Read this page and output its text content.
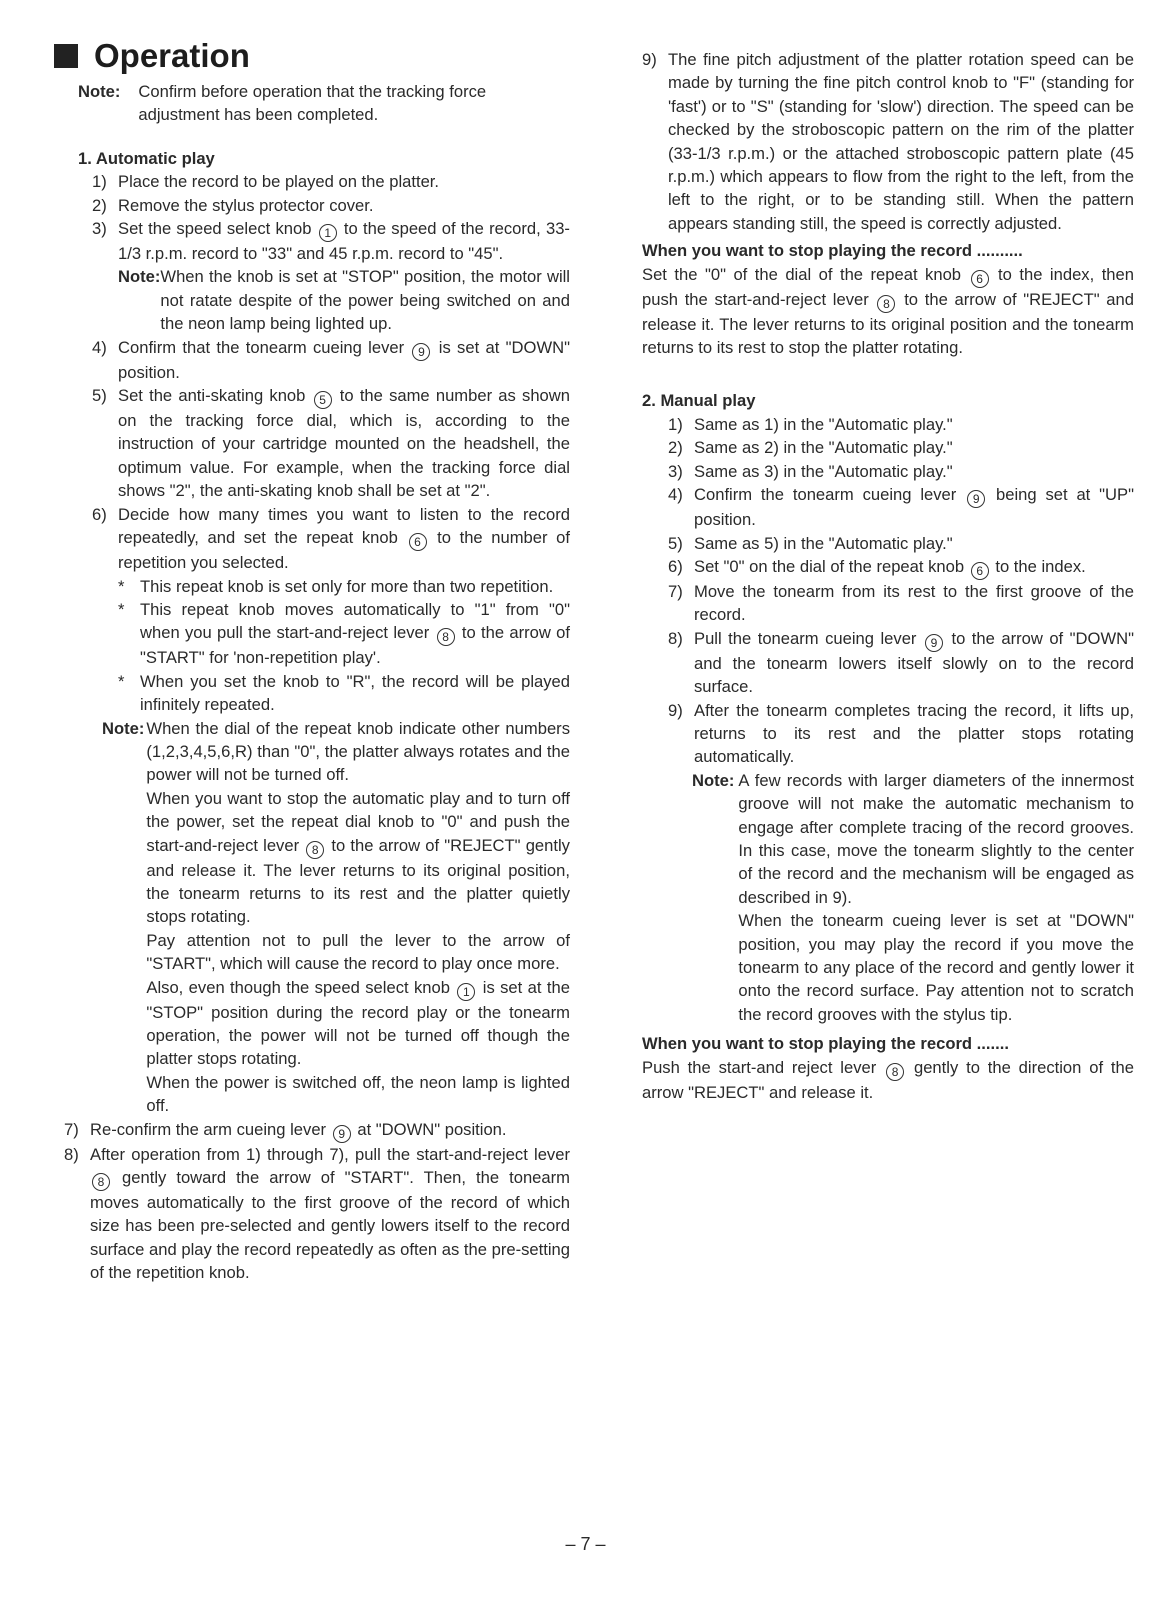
Operation
Note: Confirm before operation that the tracking force adjustment has been completed.
1. Automatic play
1) Place the record to be played on the platter.

2) Remove the stylus protector cover.

3) Set the speed select knob 1 to the speed of the record, 33-1/3 r.p.m. record to "33" and 45 r.p.m. record to "45".

Note: When the knob is set at "STOP" position, the motor will not ratate despite of the power being switched on and the neon lamp being lighted up.

4) Confirm that the tonearm cueing lever 9 is set at "DOWN" position.

5) Set the anti-skating knob 5 to the same number as shown on the tracking force dial, which is, according to the instruction of your cartridge mounted on the headshell, the optimum value. For example, when the tracking force dial shows "2", the anti-skating knob shall be set at "2".

6) Decide how many times you want to listen to the record repeatedly, and set the repeat knob 6 to the number of repetition you selected.

* This repeat knob is set only for more than two repetition.

* This repeat knob moves automatically to "1" from "0" when you pull the start-and-reject lever 8 to the arrow of "START" for 'non-repetition play'.

* When you set the knob to "R", the record will be played infinitely repeated.

Note: When the dial of the repeat knob indicate other numbers (1,2,3,4,5,6,R) than "0", the platter always rotates and the power will not be turned off.

When you want to stop the automatic play and to turn off the power, set the repeat dial knob to "0" and push the start-and-reject lever 8 to the arrow of "REJECT" gently and release it. The lever returns to its original position, the tonearm returns to its rest and the platter quietly stops rotating.

Pay attention not to pull the lever to the arrow of "START", which will cause the record to play once more.

Also, even though the speed select knob 1 is set at the "STOP" position during the record play or the tonearm operation, the power will not be turned off though the platter stops rotating.

When the power is switched off, the neon lamp is lighted off.

7) Re-confirm the arm cueing lever 9 at "DOWN" position.

8) After operation from 1) through 7), pull the start-and-reject lever 8 gently toward the arrow of "START". Then, the tonearm moves automatically to the first groove of the record of which size has been pre-selected and gently lowers itself to the record surface and play the record repeatedly as often as the pre-setting of the repetition knob.

9) The fine pitch adjustment of the platter rotation speed can be made by turning the fine pitch control knob to "F" (standing for 'fast') or to "S" (standing for 'slow') direction. The speed can be checked by the stroboscopic pattern on the rim of the platter (33-1/3 r.p.m.) or the attached stroboscopic pattern plate (45 r.p.m.) which appears to flow from the right to the left, from the left to the right, or to be standing still. When the pattern appears standing still, the speed is correctly adjusted.

When you want to stop playing the record ..........

Set the "0" of the dial of the repeat knob 6 to the index, then push the start-and-reject lever 8 to the arrow of "REJECT" and release it. The lever returns to its original position and the tonearm returns to its rest to stop the platter rotating.

2. Manual play
1) Same as 1) in the "Automatic play."

2) Same as 2) in the "Automatic play."

3) Same as 3) in the "Automatic play."

4) Confirm the tonearm cueing lever 9 being set at "UP" position.

5) Same as 5) in the "Automatic play."

6) Set "0" on the dial of the repeat knob 6 to the index.

7) Move the tonearm from its rest to the first groove of the record.

8) Pull the tonearm cueing lever 9 to the arrow of "DOWN" and the tonearm lowers itself slowly on to the record surface.

9) After the tonearm completes tracing the record, it lifts up, returns to its rest and the platter stops rotating automatically.

Note: A few records with larger diameters of the innermost groove will not make the automatic mechanism to engage after complete tracing of the record grooves. In this case, move the tonearm slightly to the center of the record and the mechanism will be engaged as described in 9).

When the tonearm cueing lever is set at "DOWN" position, you may play the record if you move the tonearm to any place of the record and gently lower it onto the record surface. Pay attention not to scratch the record grooves with the stylus tip.

When you want to stop playing the record .......

Push the start-and reject lever 8 gently to the direction of the arrow "REJECT" and release it.

– 7 –
